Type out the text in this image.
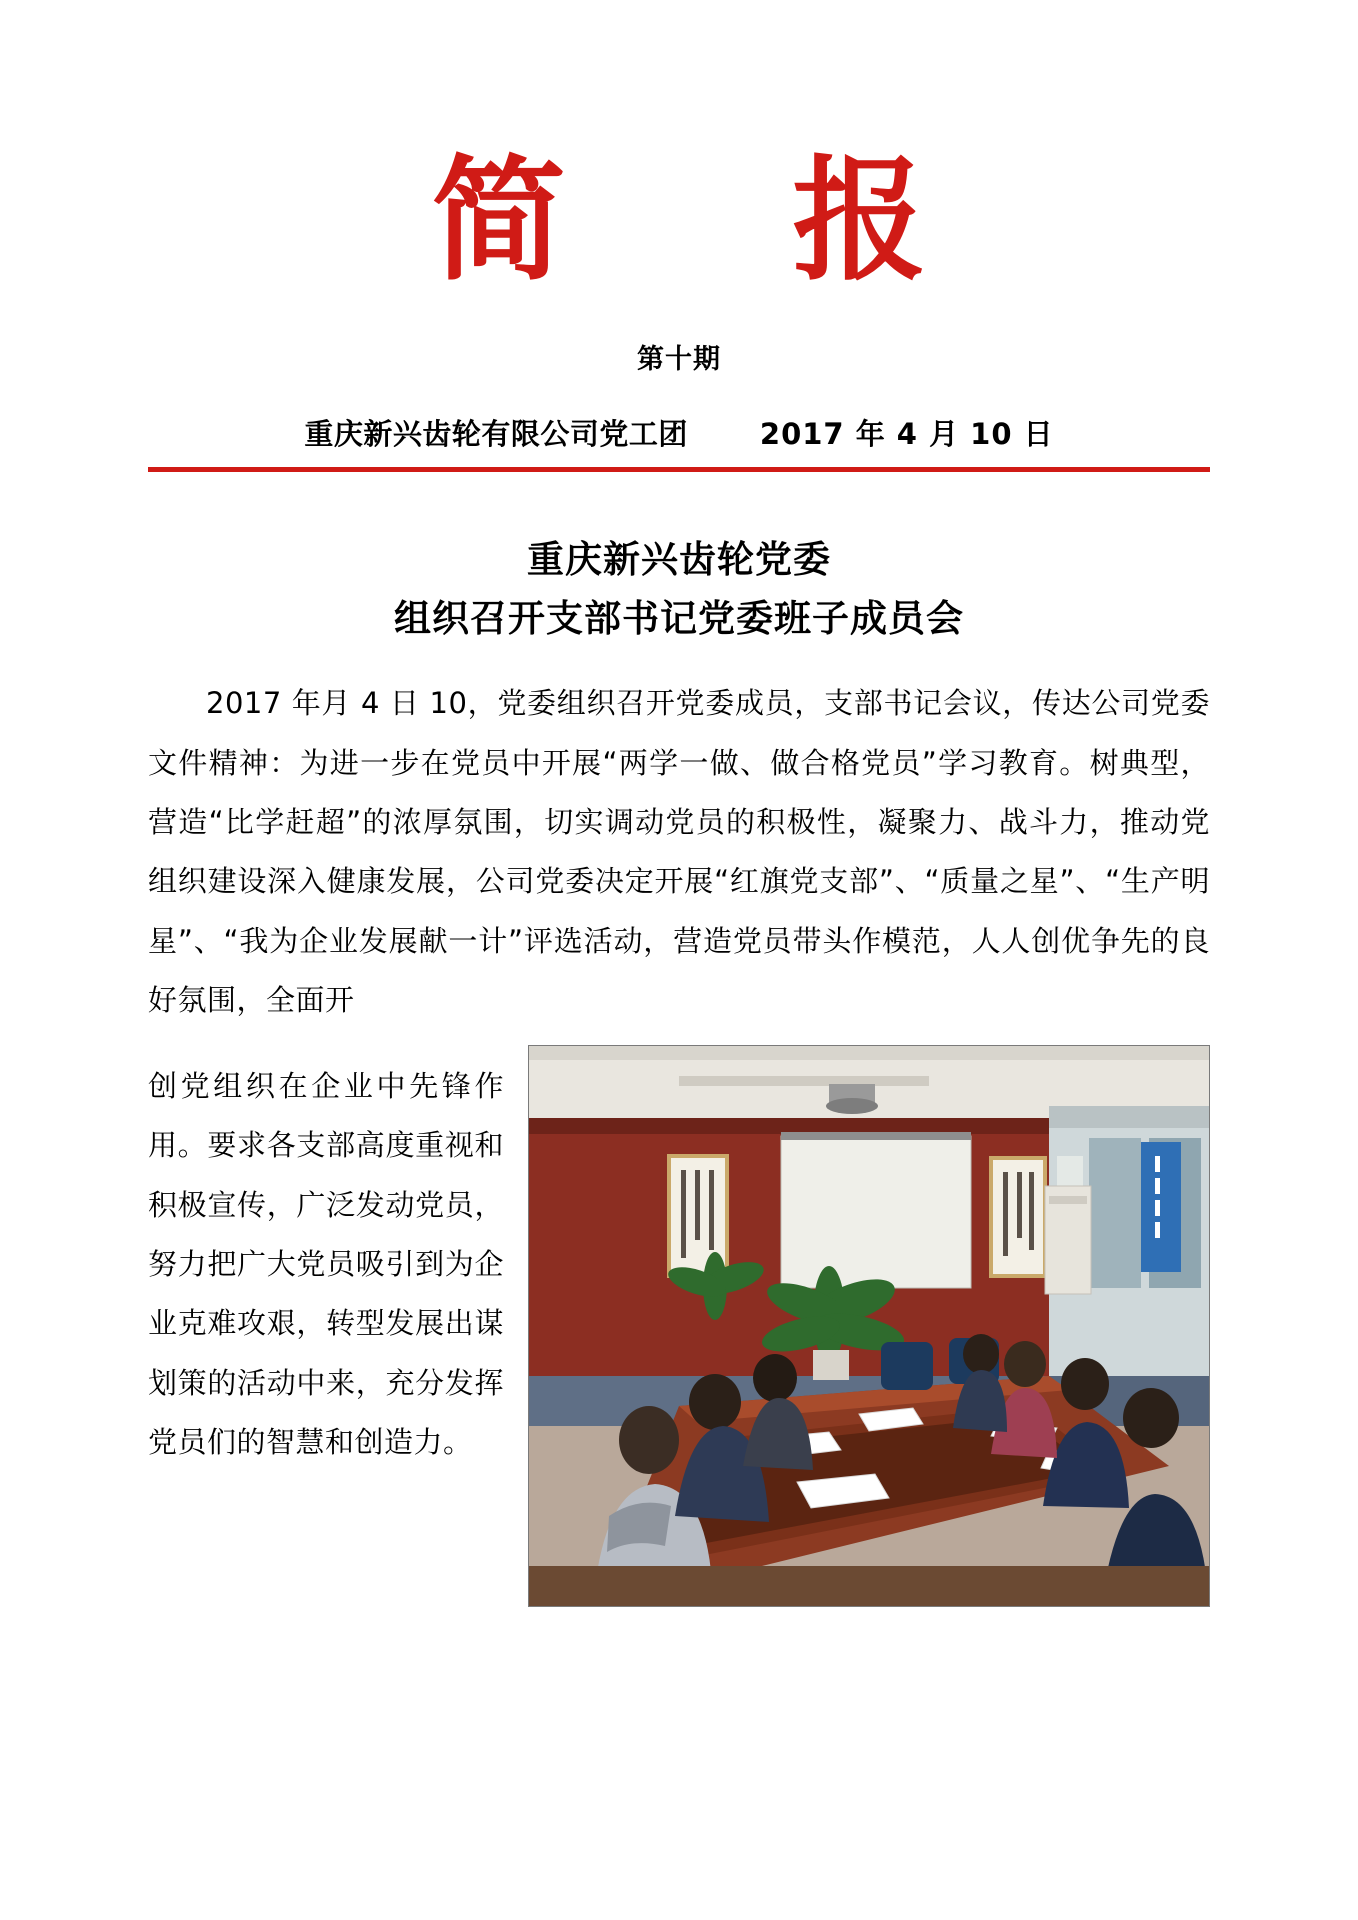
简 报
第十期
重庆新兴齿轮有限公司党工团 2017 年 4 月 10 日
重庆新兴齿轮党委
组织召开支部书记党委班子成员会

2017 年月 4 日 10，党委组织召开党委成员，支部书记会议，传达公司党委文件精神：为进一步在党员中开展“两学一做、做合格党员”学习教育。树典型，营造“比学赶超”的浓厚氛围，切实调动党员的积极性，凝聚力、战斗力，推动党组织建设深入健康发展，公司党委决定开展“红旗党支部”、“质量之星”、“生产明星”、“我为企业发展献一计”评选活动，营造党员带头作模范，人人创优争先的良好氛围，全面开

创党组织在企业中先锋作用。要求各支部高度重视和积极宣传，广泛发动党员，努力把广大党员吸引到为企业克难攻艰，转型发展出谋划策的活动中来，充分发挥党员们的智慧和创造力。
